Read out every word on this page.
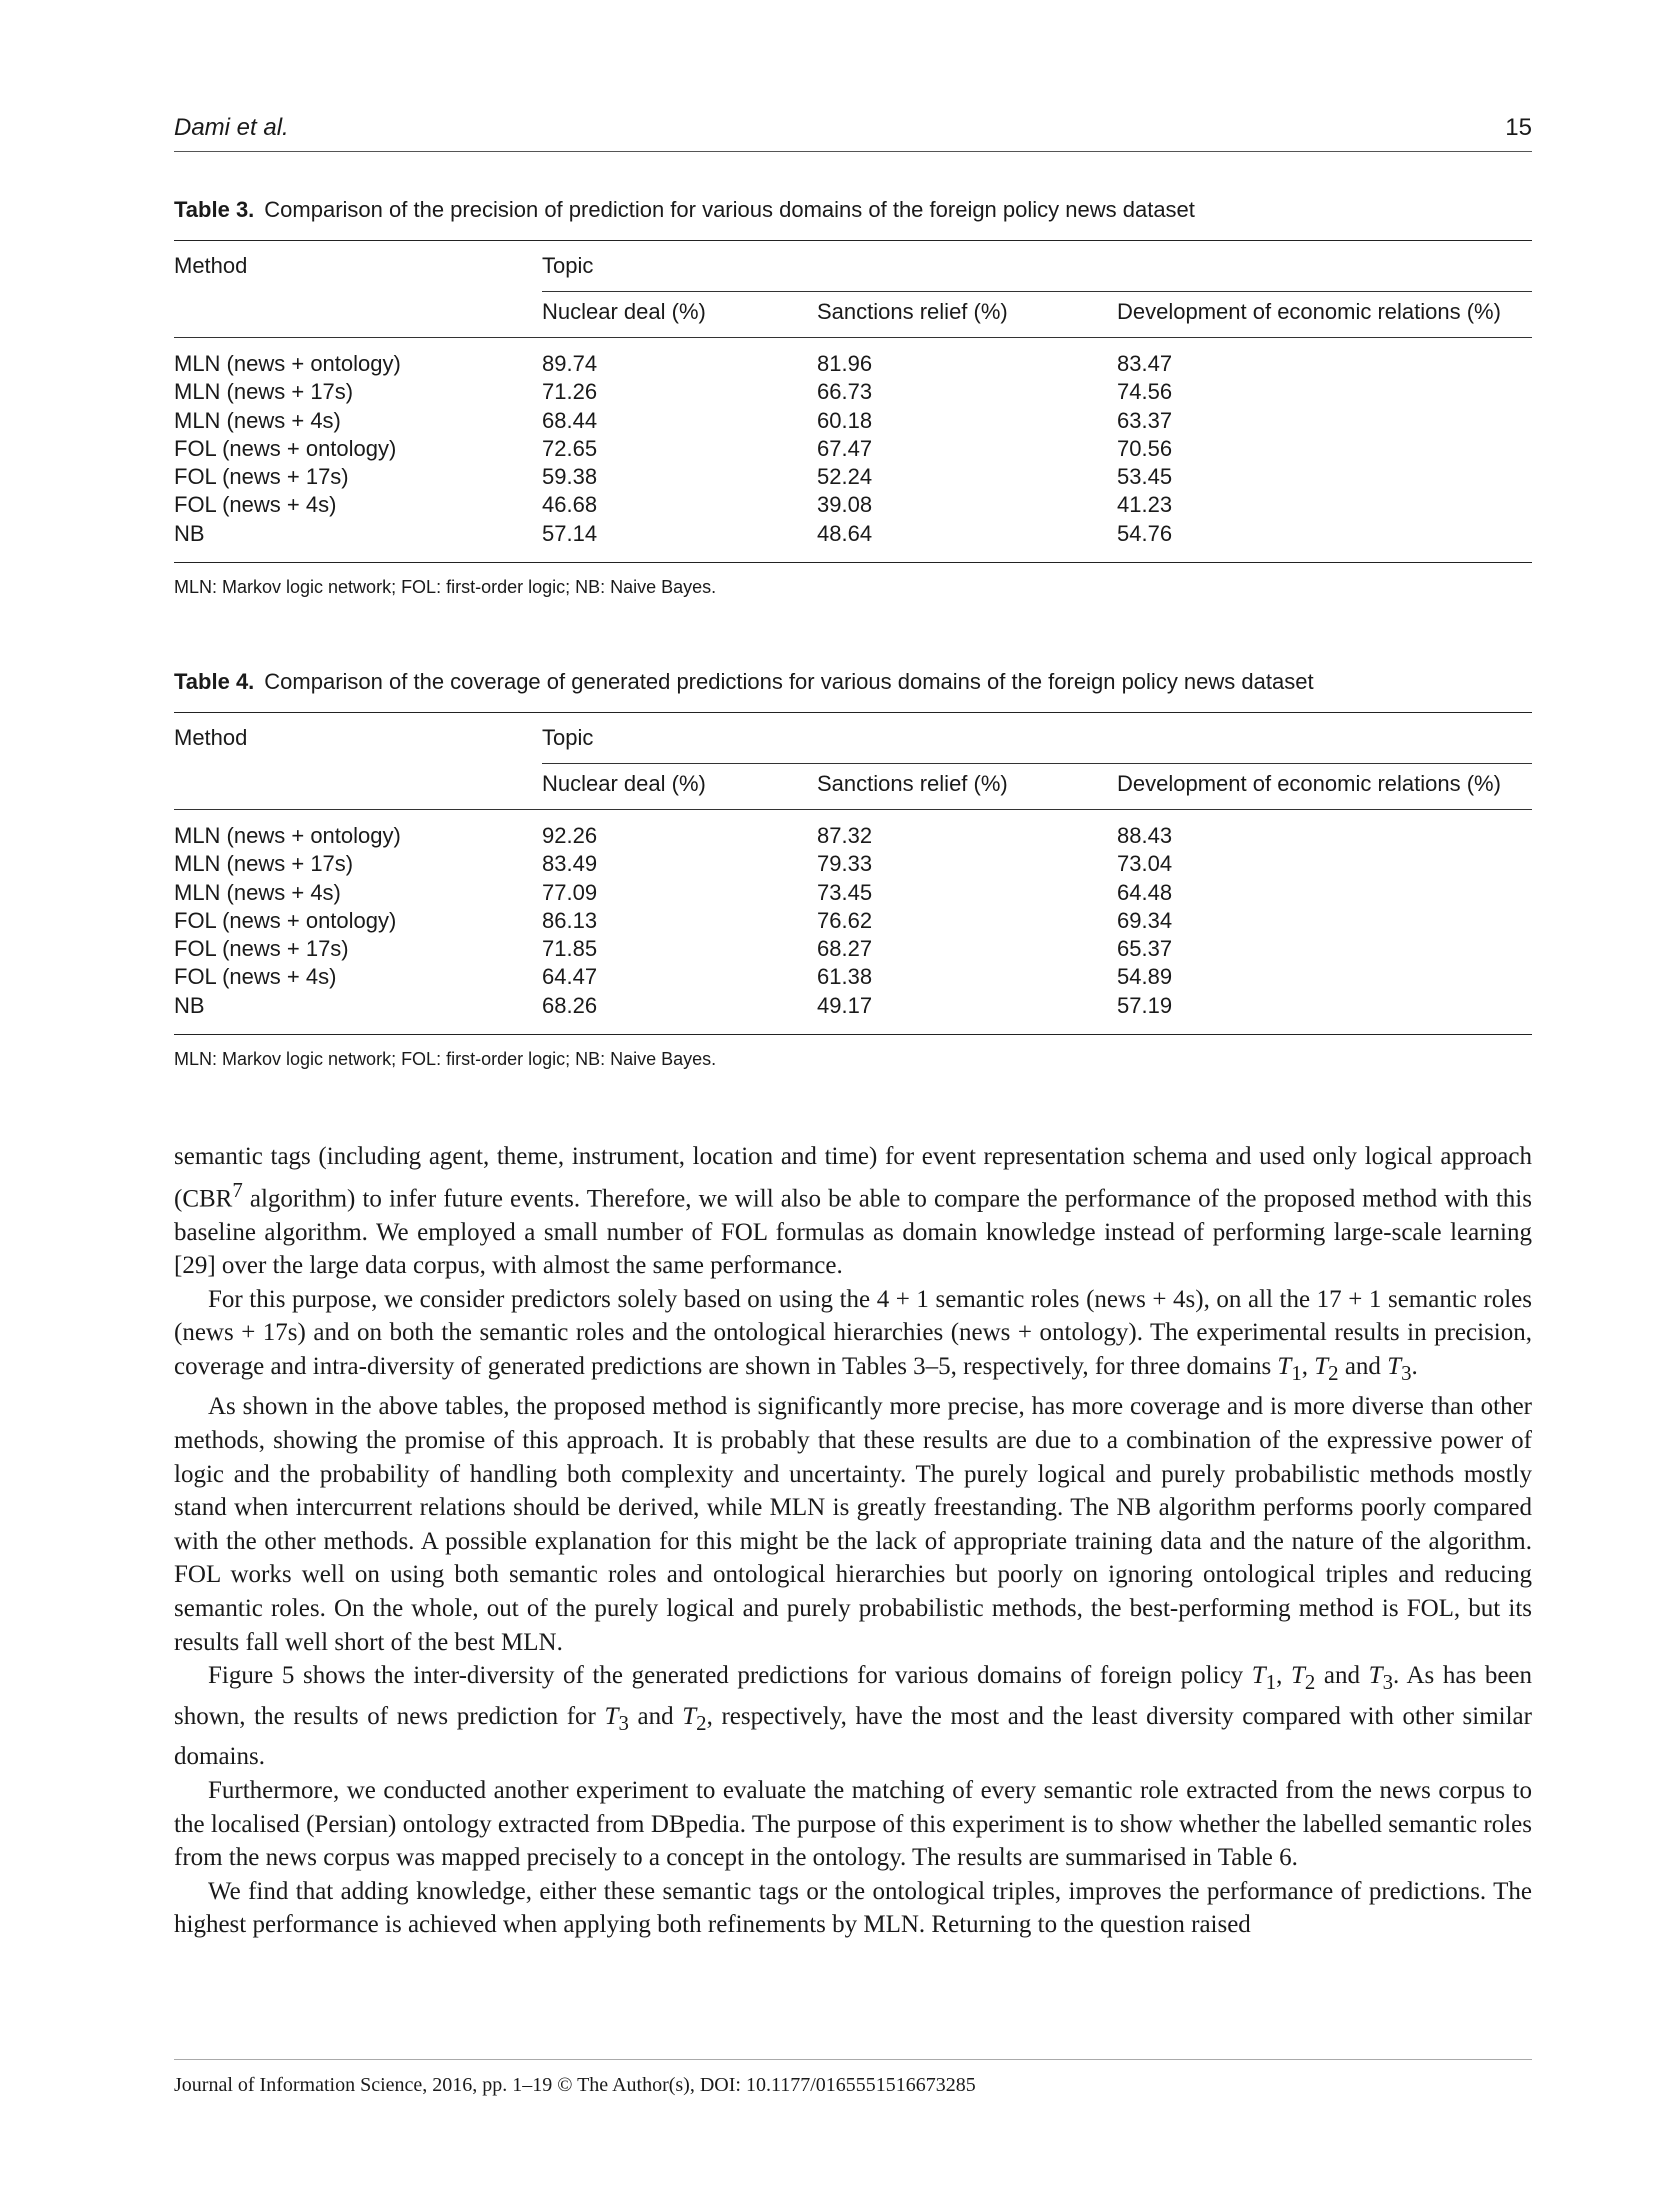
Dami et al.	15
Table 3. Comparison of the precision of prediction for various domains of the foreign policy news dataset
Method	Topic
Nuclear deal (%)	Sanctions relief (%)	Development of economic relations (%)
MLN (news + ontology)	89.74	81.96	83.47
MLN (news + 17s)	71.26	66.73	74.56
MLN (news + 4s)	68.44	60.18	63.37
FOL (news + ontology)	72.65	67.47	70.56
FOL (news + 17s)	59.38	52.24	53.45
FOL (news + 4s)	46.68	39.08	41.23
NB	57.14	48.64	54.76
MLN: Markov logic network; FOL: first-order logic; NB: Naive Bayes.
Table 4. Comparison of the coverage of generated predictions for various domains of the foreign policy news dataset
Method	Topic
Nuclear deal (%)	Sanctions relief (%)	Development of economic relations (%)
MLN (news + ontology)	92.26	87.32	88.43
MLN (news + 17s)	83.49	79.33	73.04
MLN (news + 4s)	77.09	73.45	64.48
FOL (news + ontology)	86.13	76.62	69.34
FOL (news + 17s)	71.85	68.27	65.37
FOL (news + 4s)	64.47	61.38	54.89
NB	68.26	49.17	57.19
MLN: Markov logic network; FOL: first-order logic; NB: Naive Bayes.

semantic tags (including agent, theme, instrument, location and time) for event representation schema and used only logical approach (CBR$^7$ algorithm) to infer future events. Therefore, we will also be able to compare the performance of the proposed method with this baseline algorithm. We employed a small number of FOL formulas as domain knowledge instead of performing large-scale learning [29] over the large data corpus, with almost the same performance.

For this purpose, we consider predictors solely based on using the 4 + 1 semantic roles (news + 4s), on all the 17 + 1 semantic roles (news + 17s) and on both the semantic roles and the ontological hierarchies (news + ontology). The experimental results in precision, coverage and intra-diversity of generated predictions are shown in Tables 3–5, respectively, for three domains $T_1$, $T_2$ and $T_3$.

As shown in the above tables, the proposed method is significantly more precise, has more coverage and is more diverse than other methods, showing the promise of this approach. It is probably that these results are due to a combination of the expressive power of logic and the probability of handling both complexity and uncertainty. The purely logical and purely probabilistic methods mostly stand when intercurrent relations should be derived, while MLN is greatly freestanding. The NB algorithm performs poorly compared with the other methods. A possible explanation for this might be the lack of appropriate training data and the nature of the algorithm. FOL works well on using both semantic roles and ontological hierarchies but poorly on ignoring ontological triples and reducing semantic roles. On the whole, out of the purely logical and purely probabilistic methods, the best-performing method is FOL, but its results fall well short of the best MLN.

Figure 5 shows the inter-diversity of the generated predictions for various domains of foreign policy $T_1$, $T_2$ and $T_3$. As has been shown, the results of news prediction for $T_3$ and $T_2$, respectively, have the most and the least diversity compared with other similar domains.

Furthermore, we conducted another experiment to evaluate the matching of every semantic role extracted from the news corpus to the localised (Persian) ontology extracted from DBpedia. The purpose of this experiment is to show whether the labelled semantic roles from the news corpus was mapped precisely to a concept in the ontology. The results are summarised in Table 6.

We find that adding knowledge, either these semantic tags or the ontological triples, improves the performance of predictions. The highest performance is achieved when applying both refinements by MLN. Returning to the question raised

Journal of Information Science, 2016, pp. 1–19 © The Author(s), DOI: 10.1177/0165551516673285
